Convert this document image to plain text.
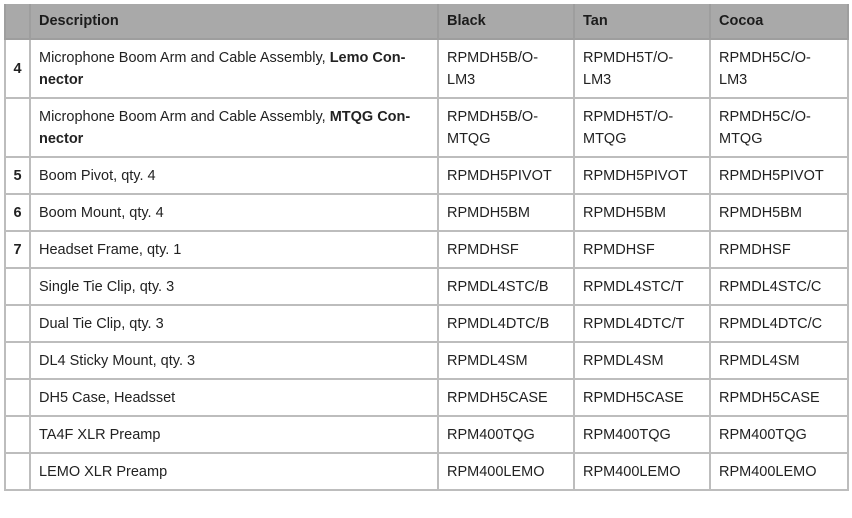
	Description	Black	Tan	Cocoa
4	Microphone Boom Arm and Cable Assembly, Lemo Con-nector	RPMDH5B/O-LM3	RPMDH5T/O-LM3	RPMDH5C/O-LM3
	Microphone Boom Arm and Cable Assembly, MTQG Con-nector	RPMDH5B/O-MTQG	RPMDH5T/O-MTQG	RPMDH5C/O-MTQG
5	Boom Pivot, qty. 4	RPMDH5PIVOT	RPMDH5PIVOT	RPMDH5PIVOT
6	Boom Mount, qty. 4	RPMDH5BM	RPMDH5BM	RPMDH5BM
7	Headset Frame, qty. 1	RPMDHSF	RPMDHSF	RPMDHSF
	Single Tie Clip, qty. 3	RPMDL4STC/B	RPMDL4STC/T	RPMDL4STC/C
	Dual Tie Clip, qty. 3	RPMDL4DTC/B	RPMDL4DTC/T	RPMDL4DTC/C
	DL4 Sticky Mount, qty. 3	RPMDL4SM	RPMDL4SM	RPMDL4SM
	DH5 Case, Headsset	RPMDH5CASE	RPMDH5CASE	RPMDH5CASE
	TA4F XLR Preamp	RPM400TQG	RPM400TQG	RPM400TQG
	LEMO XLR Preamp	RPM400LEMO	RPM400LEMO	RPM400LEMO
